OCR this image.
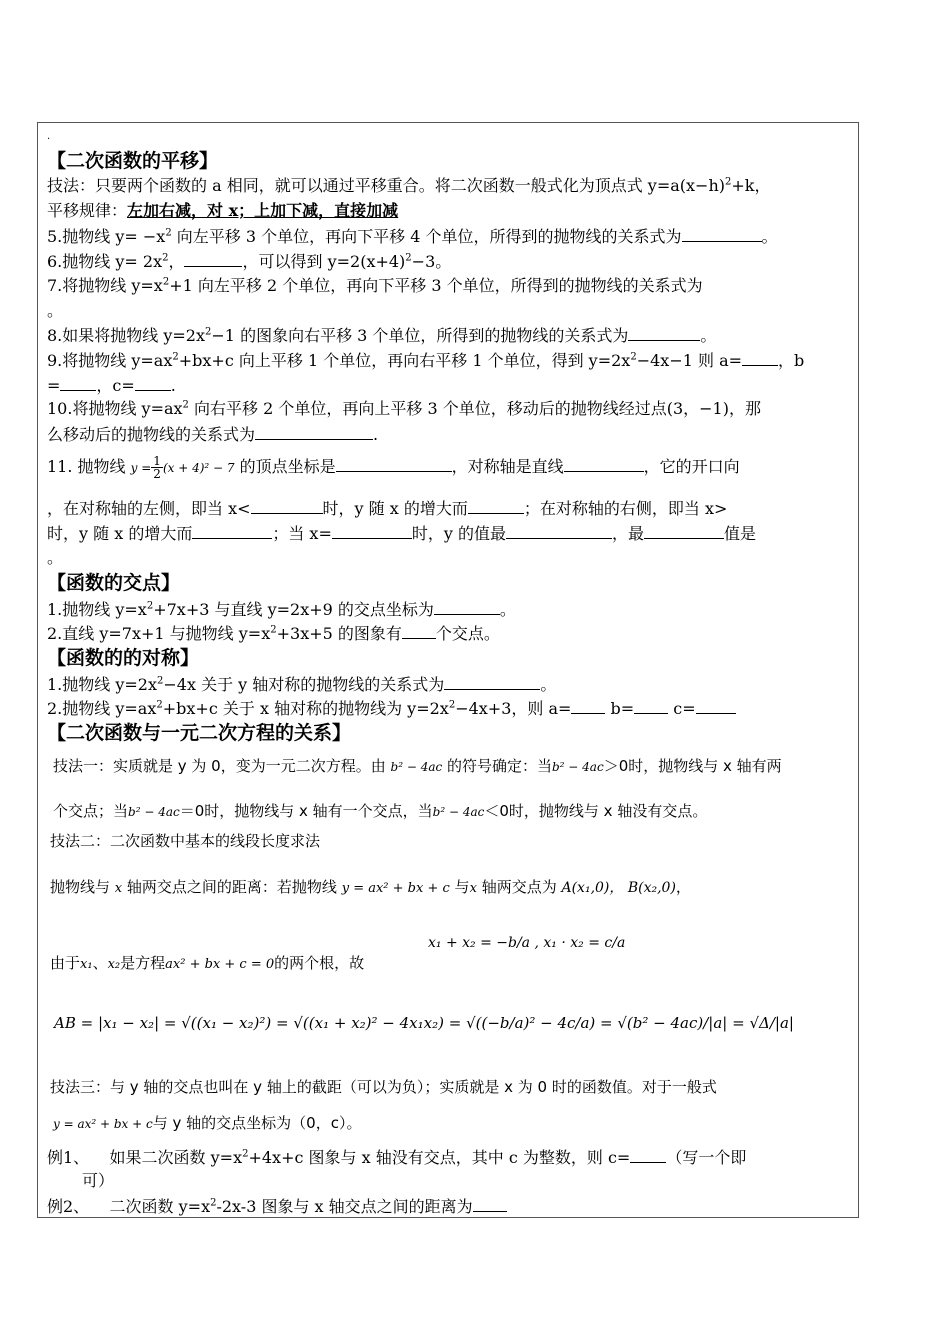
.
【二次函数的平移】
技法：只要两个函数的 a 相同，就可以通过平移重合。将二次函数一般式化为顶点式 $y=a(x-h)^2+k$，
平移规律：左加右减，对 x；上加下减，直接加减
5.抛物线 $y= -x^2$ 向左平移 3 个单位，再向下平移 4 个单位，所得到的抛物线的关系式为	。
6.抛物线 $y= 2x^2$，	，可以得到 $y=2(x+4)^2-3$。
7.将抛物线 $y=x^2+1$ 向左平移 2 个单位，再向下平移 3 个单位，所得到的抛物线的关系式为
。
8.如果将抛物线 $y=2x^2-1$ 的图象向右平移 3 个单位，所得到的抛物线的关系式为	。
9.将抛物线 $y=ax^2+bx+c$ 向上平移 1 个单位，再向右平移 1 个单位，得到 $y=2x^2-4x-1$ 则 a= ，b
= ，c= .
10.将抛物线 $y=ax^2$ 向右平移 2 个单位，再向上平移 3 个单位，移动后的抛物线经过点(3，−1)，那
么移动后的抛物线的关系式为	.
11. 抛物线 $y = \frac{1}{2} (x + 4)^2 - 7$ 的顶点坐标是	，对称轴是直线	，它的开口向
，在对称轴的左侧，即当 x<	时，y 随 x 的增大而	；在对称轴的右侧，即当 x>
时，y 随 x 的增大而	；当 x=	时，y 的值最	，最	值是
。
【函数的交点】
1.抛物线 $y=x^2+7x+3$ 与直线 y=2x+9 的交点坐标为	。
2.直线 y=7x+1 与抛物线 $y=x^2+3x+5$ 的图象有 个交点。
【函数的的对称】
1.抛物线 $y=2x^2-4x$ 关于 y 轴对称的抛物线的关系式为	。
2.抛物线 $y=ax^2+bx+c$ 关于 x 轴对称的抛物线为 $y=2x^2-4x+3$，则 a= b= c=
【二次函数与一元二次方程的关系】
技法一：实质就是 y 为 0，变为一元二次方程。由 b² − 4ac 的符号确定：当b² − 4ac＞0时，抛物线与 x 轴有两
个交点；当b² − 4ac＝0时，抛物线与 x 轴有一个交点，当b² − 4ac＜0时，抛物线与 x 轴没有交点。
技法二：二次函数中基本的线段长度求法
抛物线与 x 轴两交点之间的距离：若抛物线 y = ax² + bx + c 与x 轴两交点为 A(x₁,0)， B(x₂,0)，
由于x₁、x₂是方程ax² + bx + c = 0的两个根，故
x₁ + x₂ = −b/a , x₁ · x₂ = c/a
AB = |x₁ − x₂| = √((x₁ − x₂)²) = √((x₁ + x₂)² − 4x₁x₂) = √((−b/a)² − 4c/a) = √(b² − 4ac)/|a| = √Δ/|a|
技法三：与 y 轴的交点也叫在 y 轴上的截距（可以为负）；实质就是 x 为 0 时的函数值。对于一般式
y = ax² + bx + c与 y 轴的交点坐标为（0，c）。
例1、 如果二次函数 $y=x^2+4x+c$ 图象与 x 轴没有交点，其中 c 为整数，则 c= （写一个即
可）
例2、 二次函数 $y=x^2-2x-3$ 图象与 x 轴交点之间的距离为
